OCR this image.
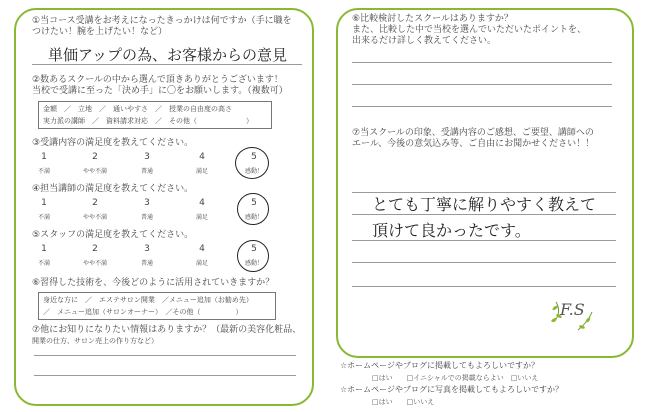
①当コース受講をお考えになったきっかけは何ですか（手に職を
つけたい！腕を上げたい！など）
単価アップの為、お客様からの意見
②数あるスクールの中から選んで頂きありがとうございます！
当校で受講に至った「決め手」に〇をお願いします。（複数可）
金額　／　立地　／　通いやすさ　／　授業の自由度の高さ
実力派の講師　／　資料請求対応　／　その他（　　　　　　　）
③受講内容の満足度を教えてください。
1	2	3	4	5
不満	やや不満	普通	満足	感動！
④担当講師の満足度を教えてください。
1	2	3	4	5
不満	やや不満	普通	満足	感動！
⑤スタッフの満足度を教えてください。
1	2	3	4	5
不満	やや不満	普通	満足	感動！
⑥習得した技術を、今後どのように活用されていきますか？
身近な方に　／　エステサロン開業　／メニュー追加（お勧め先）
／　メニュー追加（サロンオーナー）　／その他（　　　　　）
⑦他にお知りになりたい情報はありますか？（最新の美容化粧品、
開業の仕方、サロン売上の作り方など）
⑥比較検討したスクールはありますか？
また、比較した中で当校を選んでいただいたポイントを、
出来るだけ詳しく教えてください。
⑦当スクールの印象、受講内容のご感想、ご要望、講師への
エール、今後の意気込み等、ご自由にお聞かせください！！
とても丁寧に解りやすく教えて
頂けて良かったです。
F.S
☆ホームページやブログに掲載してもよろしいですか？
□はい　　□イニシャルでの掲載ならよい　□いいえ
☆ホームページやブログに写真を掲載してもよろしいですか？
□はい　　□いいえ
